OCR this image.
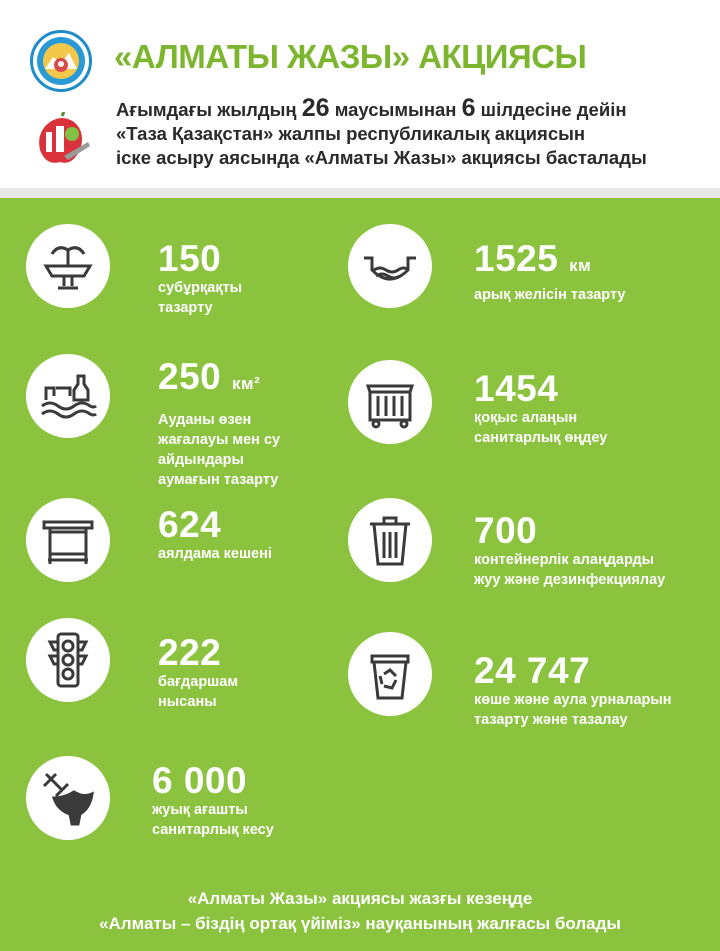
«АЛМАТЫ ЖАЗЫ» АКЦИЯСЫ
Ағымдағы жылдың 26 маусымынан 6 шілдесіне дейін
«Таза Қазақстан» жалпы республикалық акциясын
іске асыру аясында «Алматы Жазы» акциясы басталады
150
субұрқақты
тазарту
250 км²
Ауданы өзен
жағалауы мен су
айдындары
аумағын тазарту
624
аялдама кешені
222
бағдаршам
нысаны
6 000
жуық ағашты
санитарлық кесу
1525 км
арық желісін тазарту
1454
қоқыс алаңын
санитарлық өңдеу
700
контейнерлік алаңдарды
жуу және дезинфекциялау
24 747
көше және аула урналарын
тазарту және тазалау
«Алматы Жазы» акциясы жазғы кезеңде
«Алматы – біздің ортақ үйіміз» науқанының жалғасы болады
